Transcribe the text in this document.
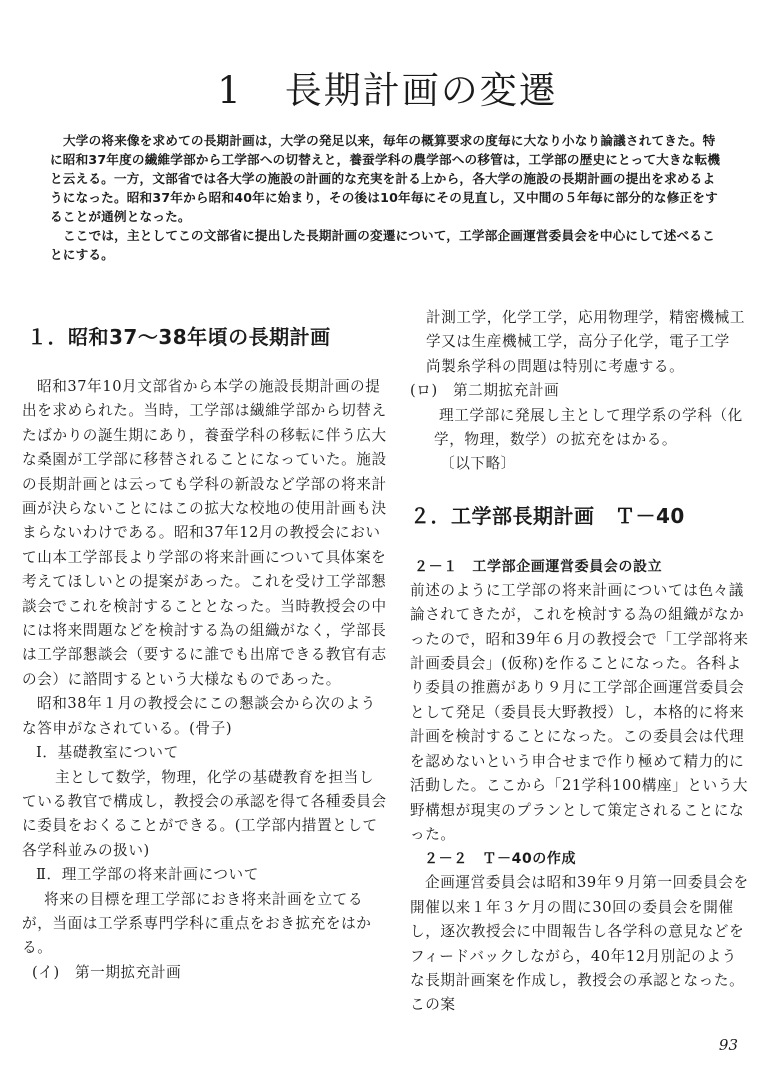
1 長期計画の変遷

大学の将来像を求めての長期計画は，大学の発足以来，毎年の概算要求の度毎に大なり小なり論議されてきた。特に昭和37年度の繊維学部から工学部への切替えと，養蚕学科の農学部への移管は，工学部の歴史にとって大きな転機と云える。一方，文部省では各大学の施設の計画的な充実を計る上から，各大学の施設の長期計画の提出を求めるようになった。昭和37年から昭和40年に始まり，その後は10年毎にその見直し，又中間の５年毎に部分的な修正をすることが通例となった。

ここでは，主としてこの文部省に提出した長期計画の変遷について，工学部企画運営委員会を中心にして述べることにする。

１．昭和37～38年頃の長期計画

昭和37年10月文部省から本学の施設長期計画の提出を求められた。当時，工学部は繊維学部から切替えたばかりの誕生期にあり，養蚕学科の移転に伴う広大な桑園が工学部に移替されることになっていた。施設の長期計画とは云っても学科の新設など学部の将来計画が決らないことにはこの拡大な校地の使用計画も決まらないわけである。昭和37年12月の教授会において山本工学部長より学部の将来計画について具体案を考えてほしいとの提案があった。これを受け工学部懇談会でこれを検討することとなった。当時教授会の中には将来問題などを検討する為の組織がなく，学部長は工学部懇談会（要するに誰でも出席できる教官有志の会）に諮問するという大様なものであった。

昭和38年１月の教授会にこの懇談会から次のような答申がなされている。(骨子)

Ⅰ．基礎教室について

主として数学，物理，化学の基礎教育を担当している教官で構成し，教授会の承認を得て各種委員会に委員をおくることができる。(工学部内措置として各学科並みの扱い)

Ⅱ．理工学部の将来計画について

将来の目標を理工学部におき将来計画を立てるが，当面は工学系専門学科に重点をおき拡充をはかる。

(イ)　第一期拡充計画

計測工学，化学工学，応用物理学，精密機械工学又は生産機械工学，高分子化学，電子工学

尚製糸学科の問題は特別に考慮する。

(ロ)　第二期拡充計画

理工学部に発展し主として理学系の学科（化学，物理，数学）の拡充をはかる。

〔以下略〕

２．工学部長期計画　Ｔ－40

２－１　工学部企画運営委員会の設立

前述のように工学部の将来計画については色々議論されてきたが，これを検討する為の組織がなかったので，昭和39年６月の教授会で「工学部将来計画委員会」(仮称)を作ることになった。各科より委員の推薦があり９月に工学部企画運営委員会として発足（委員長大野教授）し，本格的に将来計画を検討することになった。この委員会は代理を認めないという申合せまで作り極めて精力的に活動した。ここから「21学科100構座」という大野構想が現実のプランとして策定されることになった。

２－２　Ｔ－40の作成

企画運営委員会は昭和39年９月第一回委員会を開催以来１年３ケ月の間に30回の委員会を開催し，逐次教授会に中間報告し各学科の意見などをフィードバックしながら，40年12月別記のような長期計画案を作成し，教授会の承認となった。この案

93
